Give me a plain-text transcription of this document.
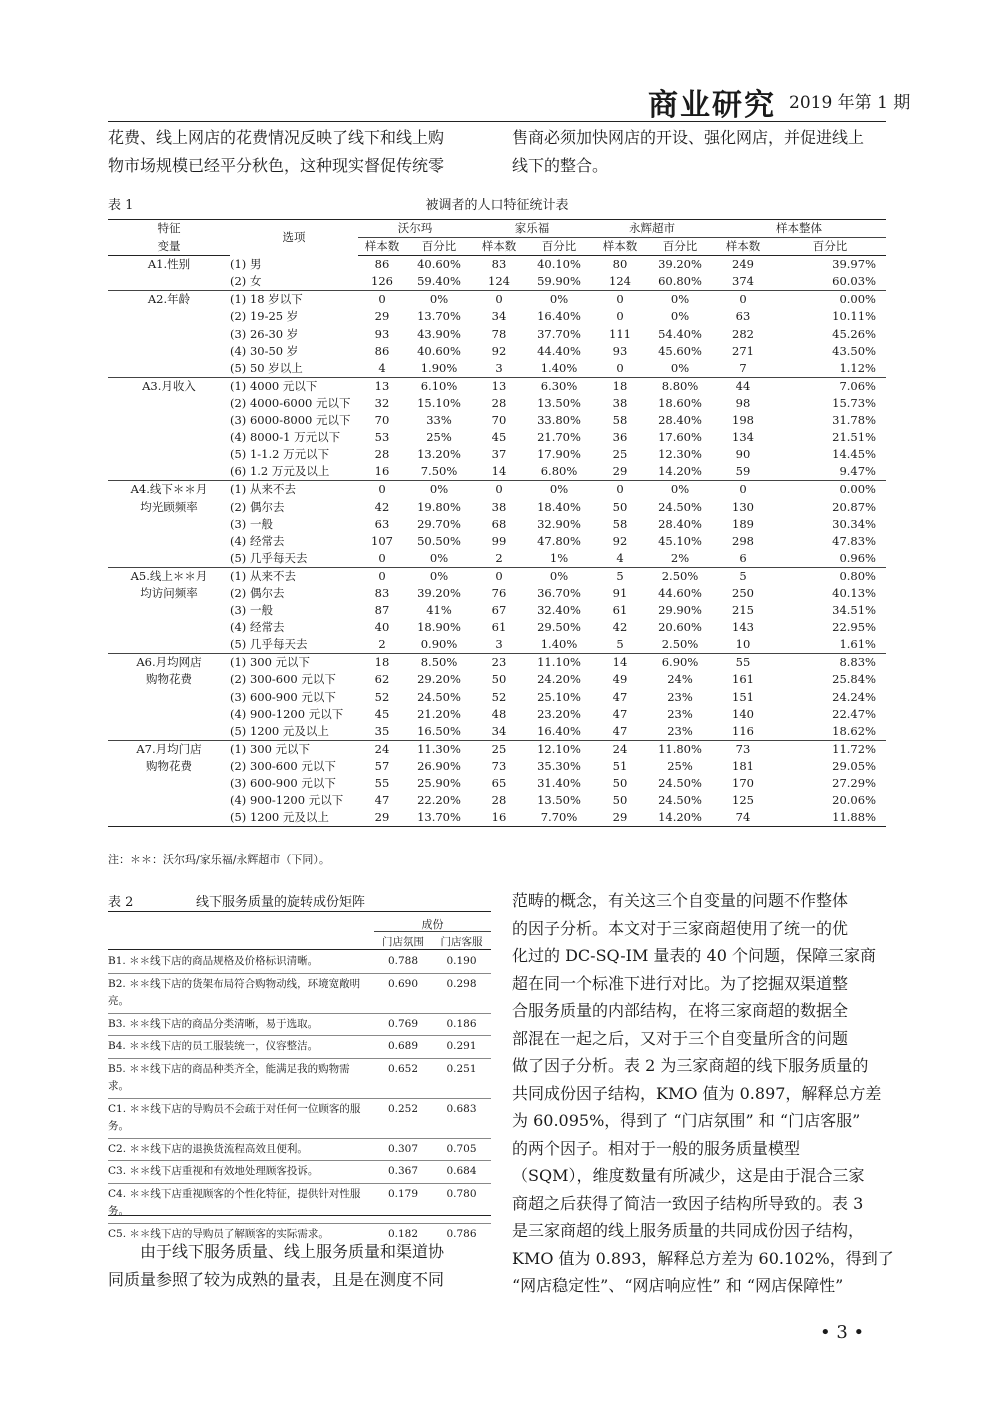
商业研究 2019 年第 1 期

花费、线上网店的花费情况反映了线下和线上购

物市场规模已经平分秋色，这种现实督促传统零

售商必须加快网店的开设、强化网店，并促进线上

线下的整合。

被调者的人口特征统计表
表 1
特征	选项	沃尔玛		家乐福		永辉超市		样本整体	
变量		样本数	百分比	样本数	百分比	样本数	百分比	样本数	百分比
A1.性别	(1) 男	86	40.60%	83	40.10%	80	39.20%	249	39.97%
	(2) 女	126	59.40%	124	59.90%	124	60.80%	374	60.03%
A2.年龄	(1) 18 岁以下	0	0%	0	0%	0	0%	0	0.00%
	(2) 19-25 岁	29	13.70%	34	16.40%	0	0%	63	10.11%
	(3) 26-30 岁	93	43.90%	78	37.70%	111	54.40%	282	45.26%
	(4) 30-50 岁	86	40.60%	92	44.40%	93	45.60%	271	43.50%
	(5) 50 岁以上	4	1.90%	3	1.40%	0	0%	7	1.12%
A3.月收入	(1) 4000 元以下	13	6.10%	13	6.30%	18	8.80%	44	7.06%
	(2) 4000-6000 元以下	32	15.10%	28	13.50%	38	18.60%	98	15.73%
	(3) 6000-8000 元以下	70	33%	70	33.80%	58	28.40%	198	31.78%
	(4) 8000-1 万元以下	53	25%	45	21.70%	36	17.60%	134	21.51%
	(5) 1-1.2 万元以下	28	13.20%	37	17.90%	25	12.30%	90	14.45%
	(6) 1.2 万元及以上	16	7.50%	14	6.80%	29	14.20%	59	9.47%
A4.线下＊＊月	(1) 从来不去	0	0%	0	0%	0	0%	0	0.00%
均光顾频率	(2) 偶尔去	42	19.80%	38	18.40%	50	24.50%	130	20.87%
	(3) 一般	63	29.70%	68	32.90%	58	28.40%	189	30.34%
	(4) 经常去	107	50.50%	99	47.80%	92	45.10%	298	47.83%
	(5) 几乎每天去	0	0%	2	1%	4	2%	6	0.96%
A5.线上＊＊月	(1) 从来不去	0	0%	0	0%	5	2.50%	5	0.80%
均访问频率	(2) 偶尔去	83	39.20%	76	36.70%	91	44.60%	250	40.13%
	(3) 一般	87	41%	67	32.40%	61	29.90%	215	34.51%
	(4) 经常去	40	18.90%	61	29.50%	42	20.60%	143	22.95%
	(5) 几乎每天去	2	0.90%	3	1.40%	5	2.50%	10	1.61%
A6.月均网店	(1) 300 元以下	18	8.50%	23	11.10%	14	6.90%	55	8.83%
购物花费	(2) 300-600 元以下	62	29.20%	50	24.20%	49	24%	161	25.84%
	(3) 600-900 元以下	52	24.50%	52	25.10%	47	23%	151	24.24%
	(4) 900-1200 元以下	45	21.20%	48	23.20%	47	23%	140	22.47%
	(5) 1200 元及以上	35	16.50%	34	16.40%	47	23%	116	18.62%
A7.月均门店	(1) 300 元以下	24	11.30%	25	12.10%	24	11.80%	73	11.72%
购物花费	(2) 300-600 元以下	57	26.90%	73	35.30%	51	25%	181	29.05%
	(3) 600-900 元以下	55	25.90%	65	31.40%	50	24.50%	170	27.29%
	(4) 900-1200 元以下	47	22.20%	28	13.50%	50	24.50%	125	20.06%
	(5) 1200 元及以上	29	13.70%	16	7.70%	29	14.20%	74	11.88%
注：＊＊：沃尔玛/家乐福/永辉超市（下同）。
表 2	线下服务质量的旋转成份矩阵
成份
门店氛围	门店客服
B1. ＊＊线下店的商品规格及价格标识清晰。	0.788	0.190
B2. ＊＊线下店的货架布局符合购物动线，环境宽敞明亮。
0.690	0.298
B3. ＊＊线下店的商品分类清晰，易于选取。	0.769	0.186
B4. ＊＊线下店的员工服装统一，仪容整洁。	0.689	0.291
B5. ＊＊线下店的商品种类齐全，能满足我的购物需求。
0.652	0.251
C1. ＊＊线下店的导购员不会疏于对任何一位顾客的服务。
0.252	0.683
C2. ＊＊线下店的退换货流程高效且便利。	0.307	0.705
C3. ＊＊线下店重视和有效地处理顾客投诉。	0.367	0.684
C4. ＊＊线下店重视顾客的个性化特征，提供针对性服务。
0.179	0.780
C5. ＊＊线下店的导购员了解顾客的实际需求。	0.182	0.786

　　由于线下服务质量、线上服务质量和渠道协

同质量参照了较为成熟的量表，且是在测度不同

范畴的概念，有关这三个自变量的问题不作整体

的因子分析。本文对于三家商超使用了统一的优

化过的 DC-SQ-IM 量表的 40 个问题，保障三家商

超在同一个标准下进行对比。为了挖掘双渠道整

合服务质量的内部结构，在将三家商超的数据全

部混在一起之后，又对于三个自变量所含的问题

做了因子分析。表 2 为三家商超的线下服务质量的

共同成份因子结构，KMO 值为 0.897，解释总方差

为 60.095%，得到了 “门店氛围” 和 “门店客服”

的两个因子。相对于一般的服务质量模型

（SQM），维度数量有所减少，这是由于混合三家

商超之后获得了简洁一致因子结构所导致的。表 3

是三家商超的线上服务质量的共同成份因子结构，

KMO 值为 0.893，解释总方差为 60.102%，得到了

“网店稳定性”、“网店响应性” 和 “网店保障性”

• 3 •
